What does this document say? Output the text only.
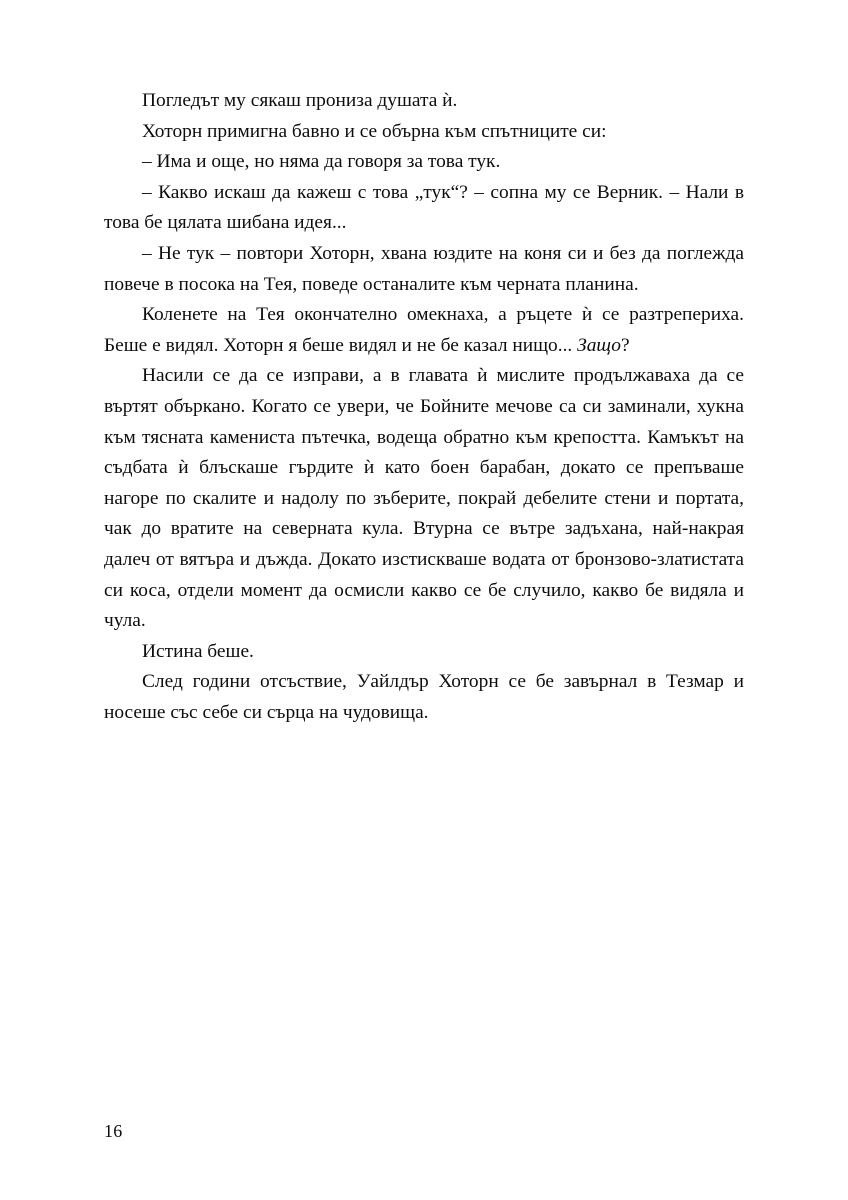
Погледът му сякаш прониза душата ѝ.

Хоторн примигна бавно и се обърна към спътниците си:

– Има и още, но няма да говоря за това тук.

– Какво искаш да кажеш с това „тук“? – сопна му се Верник. – Нали в това бе цялата шибана идея...

– Не тук – повтори Хоторн, хвана юздите на коня си и без да поглежда повече в посока на Тея, поведе останалите към черната планина.

Коленете на Тея окончателно омекнаха, а ръцете ѝ се разтрепериха. Беше е видял. Хоторн я беше видял и не бе казал нищо... Защо?

Насили се да се изправи, а в главата ѝ мислите продължаваха да се въртят объркано. Когато се увери, че Бойните мечове са си заминали, хукна към тясната камениста пътечка, водеща обратно към крепостта. Камъкът на съдбата ѝ блъскаше гърдите ѝ като боен барабан, докато се препъваше нагоре по скалите и надолу по зъберите, покрай дебелите стени и портата, чак до вратите на северната кула. Втурна се вътре задъхана, най-накрая далеч от вятъра и дъжда. Докато изстискваше водата от бронзово-златистата си коса, отдели момент да осмисли какво се бе случило, какво бе видяла и чула.

Истина беше.

След години отсъствие, Уайлдър Хоторн се бе завърнал в Тезмар и носеше със себе си сърца на чудовища.

16
